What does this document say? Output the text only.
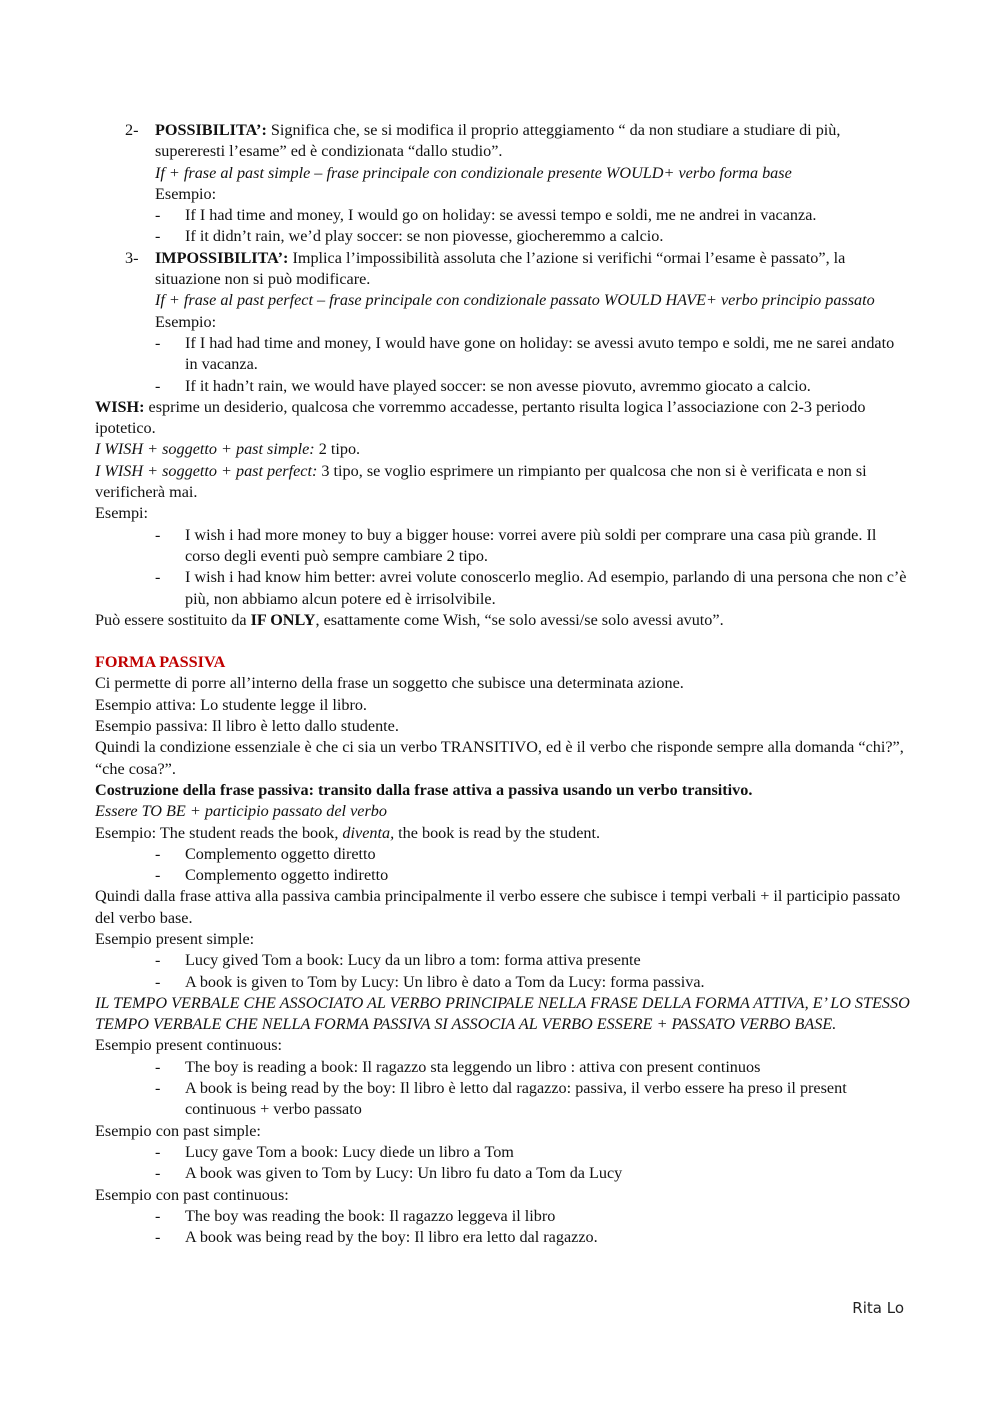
2- POSSIBILITA’: Significa che, se si modifica il proprio atteggiamento “ da non studiare a studiare di più, supereresti l’esame” ed è condizionata “dallo studio”.

If + frase al past simple – frase principale con condizionale presente WOULD+ verbo forma base

Esempio:

- If I had time and money, I would go on holiday: se avessi tempo e soldi, me ne andrei in vacanza.
- If it didn’t rain, we’d play soccer: se non piovesse, giocheremmo a calcio.
3- IMPOSSIBILITA’: Implica l’impossibilità assoluta che l’azione si verifichi “ormai l’esame è passato”, la situazione non si può modificare.

If + frase al past perfect – frase principale con condizionale passato WOULD HAVE+ verbo principio passato

Esempio:

- If I had had time and money, I would have gone on holiday: se avessi avuto tempo e soldi, me ne sarei andato in vacanza.
- If it hadn’t rain, we would have played soccer: se non avesse piovuto, avremmo giocato a calcio.

WISH: esprime un desiderio, qualcosa che vorremmo accadesse, pertanto risulta logica l’associazione con 2-3 periodo ipotetico.

I WISH + soggetto + past simple: 2 tipo.

I WISH + soggetto + past perfect: 3 tipo, se voglio esprimere un rimpianto per qualcosa che non si è verificata e non si verificherà mai.

Esempi:

- I wish i had more money to buy a bigger house: vorrei avere più soldi per comprare una casa più grande. Il corso degli eventi può sempre cambiare 2 tipo.
- I wish i had know him better: avrei volute conoscerlo meglio. Ad esempio, parlando di una persona che non c’è più, non abbiamo alcun potere ed è irrisolvibile.

Può essere sostituito da IF ONLY, esattamente come Wish, “se solo avessi/se solo avessi avuto”.

FORMA PASSIVA

Ci permette di porre all’interno della frase un soggetto che subisce una determinata azione.

Esempio attiva: Lo studente legge il libro.

Esempio passiva: Il libro è letto dallo studente.

Quindi la condizione essenziale è che ci sia un verbo TRANSITIVO, ed è il verbo che risponde sempre alla domanda “chi?”, “che cosa?”.

Costruzione della frase passiva: transito dalla frase attiva a passiva usando un verbo transitivo.

Essere TO BE + participio passato del verbo

Esempio: The student reads the book, diventa, the book is read by the student.

- Complemento oggetto diretto
- Complemento oggetto indiretto

Quindi dalla frase attiva alla passiva cambia principalmente il verbo essere che subisce i tempi verbali + il participio passato del verbo base.

Esempio present simple:

- Lucy gived Tom a book: Lucy da un libro a tom: forma attiva presente
- A book is given to Tom by Lucy: Un libro è dato a Tom da Lucy: forma passiva.

IL TEMPO VERBALE CHE ASSOCIATO AL VERBO PRINCIPALE NELLA FRASE DELLA FORMA ATTIVA, E’ LO STESSO TEMPO VERBALE CHE NELLA FORMA PASSIVA SI ASSOCIA AL VERBO ESSERE + PASSATO VERBO BASE.

Esempio present continuous:

- The boy is reading a book: Il ragazzo sta leggendo un libro : attiva con present continuos
- A book is being read by the boy: Il libro è letto dal ragazzo: passiva, il verbo essere ha preso il present continuous + verbo passato

Esempio con past simple:

- Lucy gave Tom a book: Lucy diede un libro a Tom
- A book was given to Tom by Lucy: Un libro fu dato a Tom da Lucy

Esempio con past continuous:

- The boy was reading the book: Il ragazzo leggeva il libro
- A book was being read by the boy: Il libro era letto dal ragazzo.
Rita Lo
